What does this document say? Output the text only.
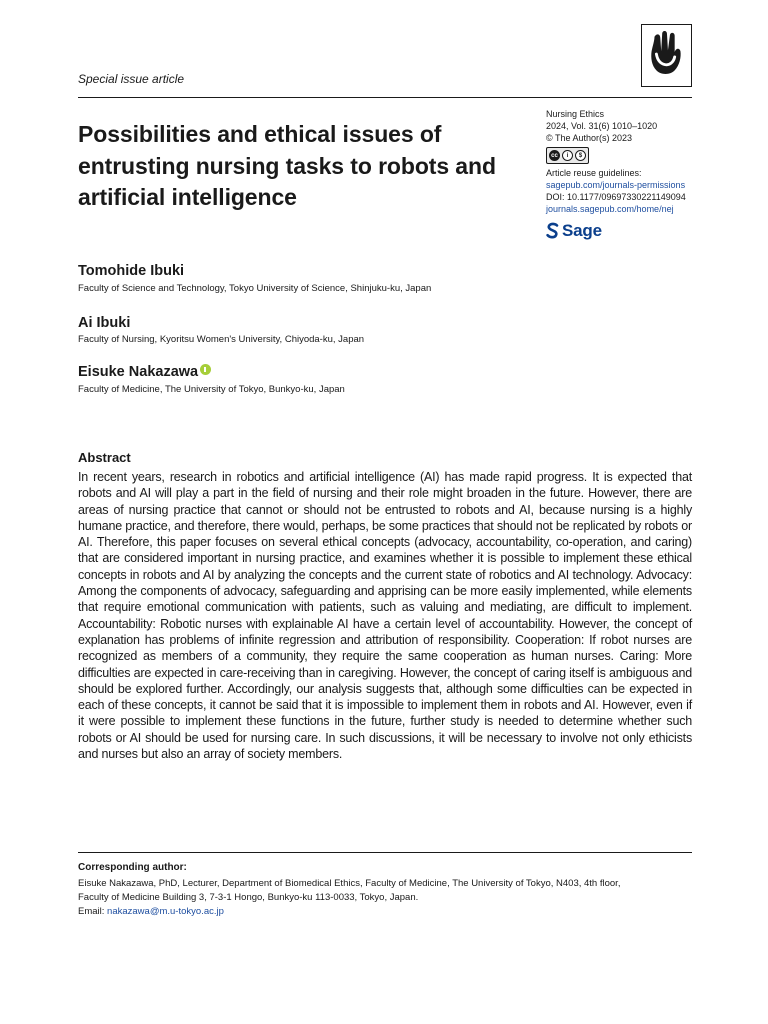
Special issue article
Possibilities and ethical issues of entrusting nursing tasks to robots and artificial intelligence
Nursing Ethics
2024, Vol. 31(6) 1010–1020
© The Author(s) 2023
cc	i	$
Article reuse guidelines:
sagepub.com/journals-permissions
DOI: 10.1177/09697330221149094
journals.sagepub.com/home/nej
Sage
Tomohide Ibuki
Faculty of Science and Technology, Tokyo University of Science, Shinjuku-ku, Japan
Ai Ibuki
Faculty of Nursing, Kyoritsu Women's University, Chiyoda-ku, Japan
Eisuke Nakazawa
Faculty of Medicine, The University of Tokyo, Bunkyo-ku, Japan
Abstract

In recent years, research in robotics and artificial intelligence (AI) has made rapid progress. It is expected that robots and AI will play a part in the field of nursing and their role might broaden in the future. However, there are areas of nursing practice that cannot or should not be entrusted to robots and AI, because nursing is a highly humane practice, and therefore, there would, perhaps, be some practices that should not be replicated by robots or AI. Therefore, this paper focuses on several ethical concepts (advocacy, accountability, co-operation, and caring) that are considered important in nursing practice, and examines whether it is possible to implement these ethical concepts in robots and AI by analyzing the concepts and the current state of robotics and AI technology. Advocacy: Among the components of advocacy, safeguarding and apprising can be more easily implemented, while elements that require emotional communication with patients, such as valuing and mediating, are difficult to implement. Accountability: Robotic nurses with explainable AI have a certain level of accountability. However, the concept of explanation has problems of infinite regression and attribution of responsibility. Cooperation: If robot nurses are recognized as members of a community, they require the same cooperation as human nurses. Caring: More difficulties are expected in care-receiving than in caregiving. However, the concept of caring itself is ambiguous and should be explored further. Accordingly, our analysis suggests that, although some difficulties can be expected in each of these concepts, it cannot be said that it is impossible to implement them in robots and AI. However, even if it were possible to implement these functions in the future, further study is needed to determine whether such robots or AI should be used for nursing care. In such discussions, it will be necessary to involve not only ethicists and nurses but also an array of society members.

Corresponding author:
Eisuke Nakazawa, PhD, Lecturer, Department of Biomedical Ethics, Faculty of Medicine, The University of Tokyo, N403, 4th floor,
Faculty of Medicine Building 3, 7-3-1 Hongo, Bunkyo-ku 113-0033, Tokyo, Japan.
Email: nakazawa@m.u-tokyo.ac.jp
